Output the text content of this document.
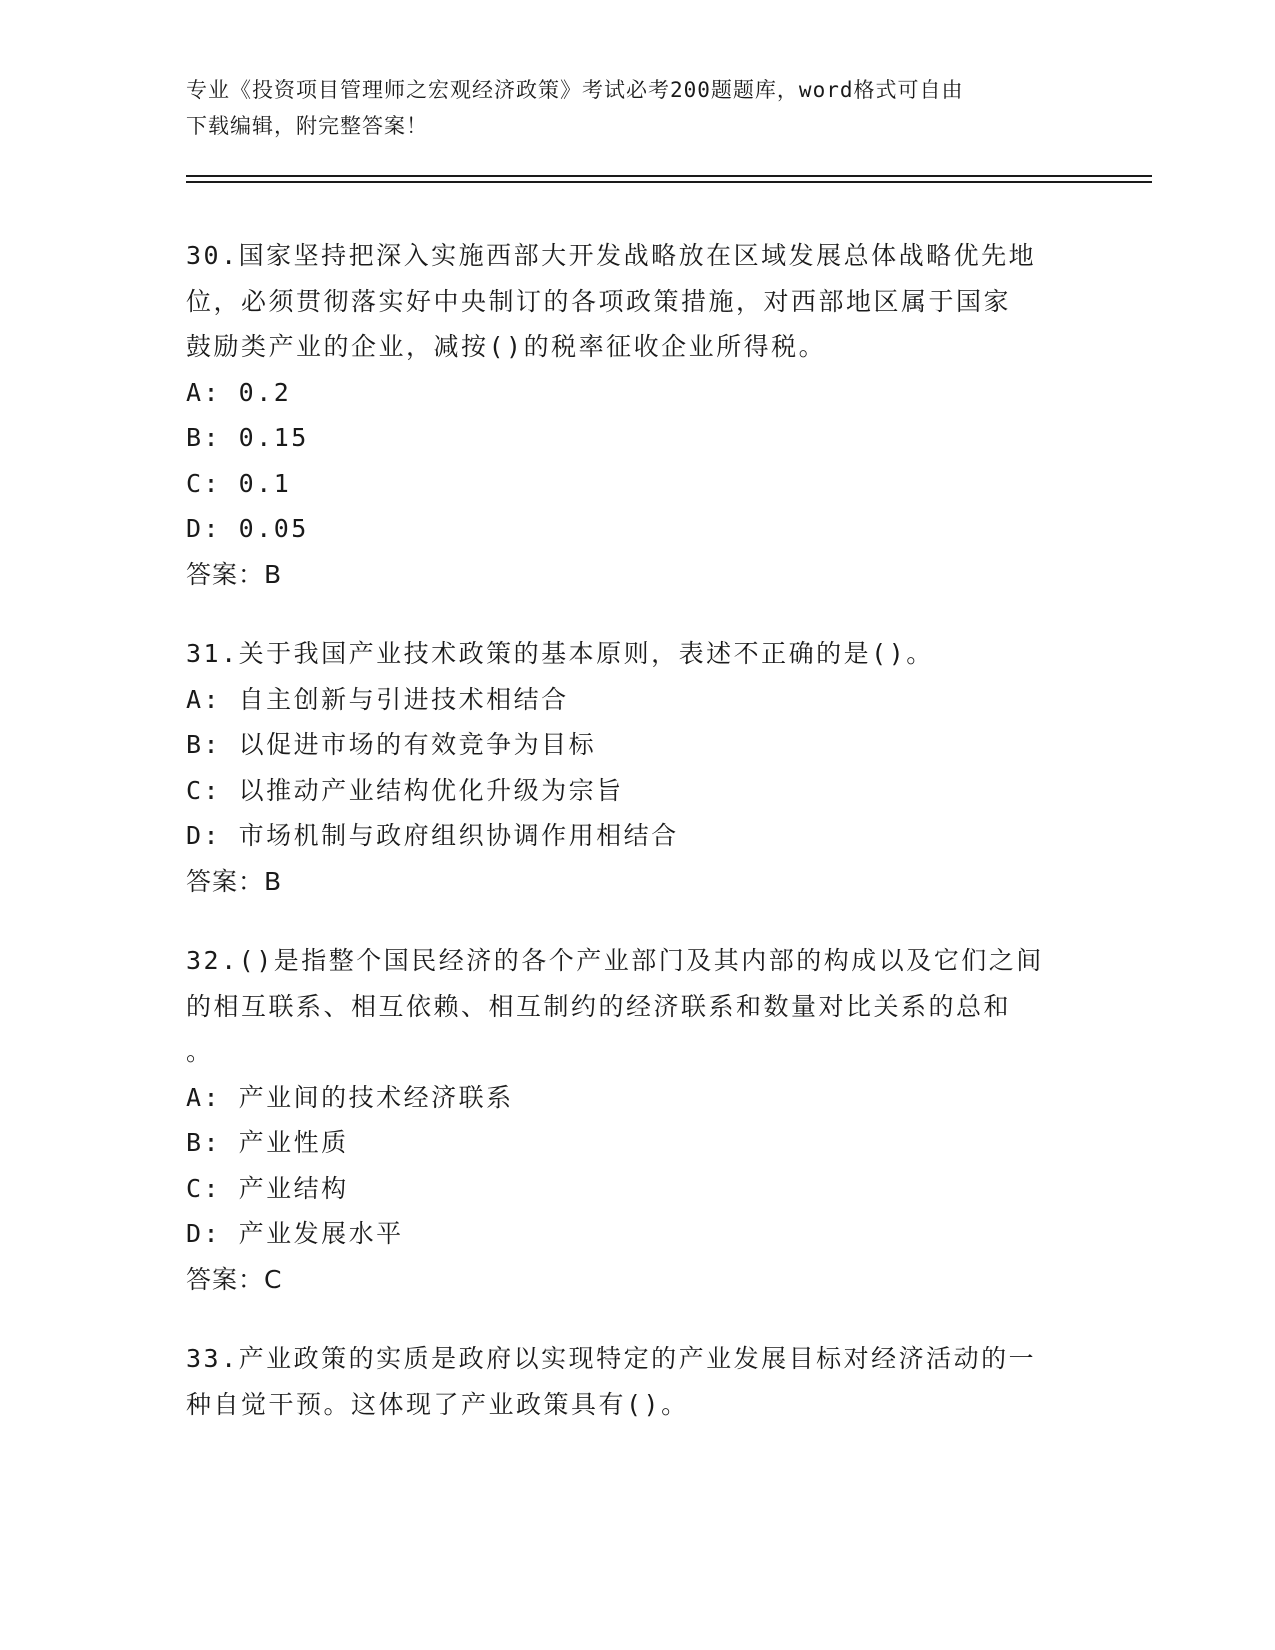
专业《投资项目管理师之宏观经济政策》考试必考200题题库，word格式可自由
下载编辑，附完整答案！
30.国家坚持把深入实施西部大开发战略放在区域发展总体战略优先地
位，必须贯彻落实好中央制订的各项政策措施，对西部地区属于国家
鼓励类产业的企业，减按()的税率征收企业所得税。
A: 0.2
B: 0.15
C: 0.1
D: 0.05
答案：B
31.关于我国产业技术政策的基本原则，表述不正确的是()。
A: 自主创新与引进技术相结合
B: 以促进市场的有效竞争为目标
C: 以推动产业结构优化升级为宗旨
D: 市场机制与政府组织协调作用相结合
答案：B
32.()是指整个国民经济的各个产业部门及其内部的构成以及它们之间
的相互联系、相互依赖、相互制约的经济联系和数量对比关系的总和
。
A: 产业间的技术经济联系
B: 产业性质
C: 产业结构
D: 产业发展水平
答案：C
33.产业政策的实质是政府以实现特定的产业发展目标对经济活动的一
种自觉干预。这体现了产业政策具有()。
